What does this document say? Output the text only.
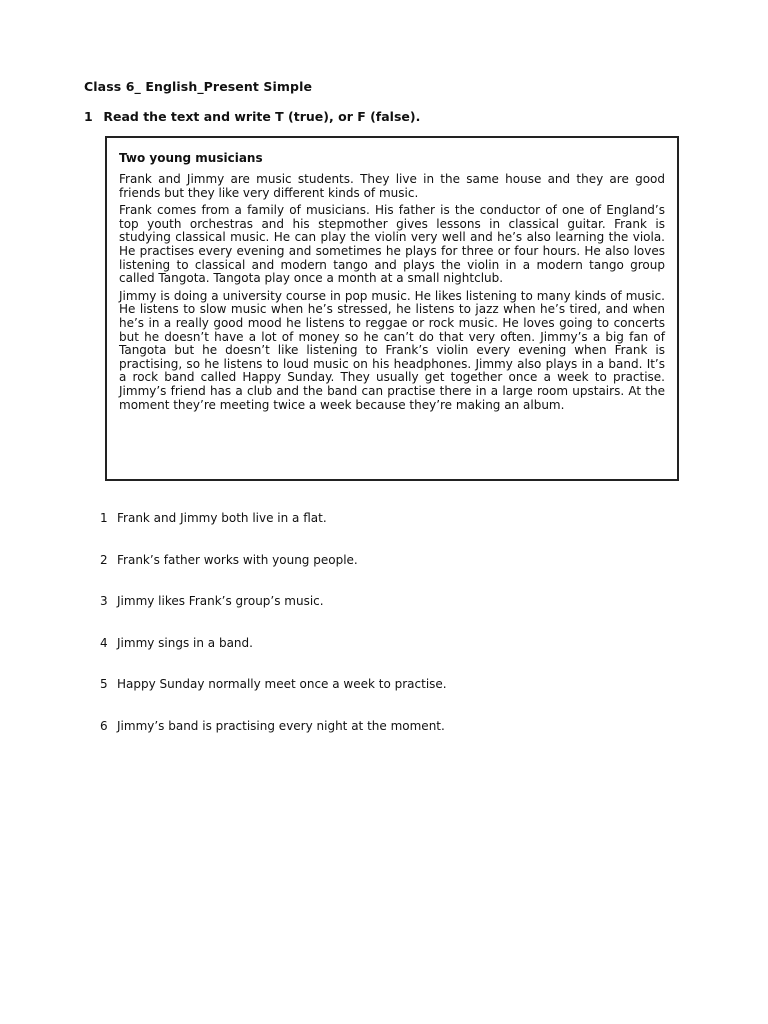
Class 6_ English_Present Simple
1 Read the text and write T (true), or F (false).
Two young musicians

Frank and Jimmy are music students. They live in the same house and they are good friends but they like very different kinds of music.

Frank comes from a family of musicians. His father is the conductor of one of England’s top youth orchestras and his stepmother gives lessons in classical guitar. Frank is studying classical music. He can play the violin very well and he’s also learning the viola. He practises every evening and sometimes he plays for three or four hours. He also loves listening to classical and modern tango and plays the violin in a modern tango group called Tangota. Tangota play once a month at a small nightclub.

Jimmy is doing a university course in pop music. He likes listening to many kinds of music. He listens to slow music when he’s stressed, he listens to jazz when he’s tired, and when he’s in a really good mood he listens to reggae or rock music. He loves going to concerts but he doesn’t have a lot of money so he can’t do that very often. Jimmy’s a big fan of Tangota but he doesn’t like listening to Frank’s violin every evening when Frank is practising, so he listens to loud music on his headphones. Jimmy also plays in a band. It’s a rock band called Happy Sunday. They usually get together once a week to practise. Jimmy’s friend has a club and the band can practise there in a large room upstairs. At the moment they’re meeting twice a week because they’re making an album.

1 Frank and Jimmy both live in a flat.
2 Frank’s father works with young people.
3 Jimmy likes Frank’s group’s music.
4 Jimmy sings in a band.
5 Happy Sunday normally meet once a week to practise.
6 Jimmy’s band is practising every night at the moment.
